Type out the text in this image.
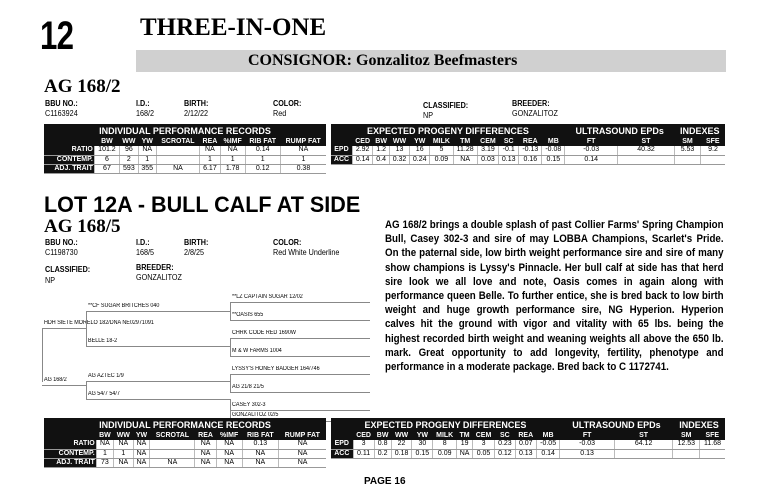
12	THREE-IN-ONE
CONSIGNOR: Gonzalitoz Beefmasters
AG 168/2
BBU NO.:
C1163924
I.D.:
168/2
BIRTH:
2/12/22
COLOR:
Red
CLASSIFIED:
NP
BREEDER:
GONZALITOZ
INDIVIDUAL PERFORMANCE RECORDS								
	BW	WW	YW	SCROTAL	REA	%IMF	RIB FAT	RUMP FAT
RATIO	101.2	96	NA		NA	NA	0.14	NA
CONTEMP.	6	2	1		1	1	1	1
ADJ. TRAIT	67	593	355	NA	6.17	1.78	0.12	0.38
EXPECTED PROGENY DIFFERENCES											ULTRASOUND EPDs		INDEXES	
	CED	BW	WW	YW	MILK	TM	CEM	SC	REA	MB	FT	ST	SM	SFE
EPD	2.92	1.2	13	16	5	11.28	3.19	-0.1	-0.13	-0.08	-0.03	40.32	5.53	9.2
ACC	0.14	0.4	0.32	0.24	0.09	NA	0.03	0.13	0.16	0.15	0.14			
LOT 12A - BULL CALF AT SIDE
AG 168/5
BBU NO.:
C1198730
I.D.:
168/5
BIRTH:
2/8/25
COLOR:
Red White Underline
CLASSIFIED:
NP
BREEDER:
GONZALITOZ
**LZ CAPTAIN SUGAR 12/02
**CF SUGAR BRITCHES 040
**OASIS 655
HDH SIETE MORELO 182/DNA NE02971091
CHRK CODE RED 1690W
BELLE 18-2
M & W FARMS 1004
LYSSY'S HONEY BADGER 164/746
AG AZTEC 1/9
AG 21/8 21/5
AG 168/2
CASEY 302-3
AG 54/7 54/7
GONZALITOZ 02/5
AG 168/2 brings a double splash of past Collier Farms' Spring Champion Bull, Casey 302-3 and sire of may LOBBA Champions, Scarlet's Pride. On the paternal side, low birth weight performance sire and sire of many show champions is Lyssy's Pinnacle. Her bull calf at side has that herd sire look we all love and note, Oasis comes in again along with performance queen Belle. To further entice, she is bred back to low birth weight and huge growth performance sire, NG Hyperion. Hyperion calves hit the ground with vigor and vitality with 65 lbs. being the highest recorded birth weight and weaning weights all above the 650 lb. mark. Great opportunity to add longevity, fertility, phenotype and performance in a moderate package. Bred back to C 1172741.
INDIVIDUAL PERFORMANCE RECORDS								
	BW	WW	YW	SCROTAL	REA	%IMF	RIB FAT	RUMP FAT
RATIO	NA	NA	NA		NA	NA	0.13	NA
CONTEMP.	1	1	NA		NA	NA	NA	NA
ADJ. TRAIT	73	NA	NA	NA	NA	NA	NA	NA
EXPECTED PROGENY DIFFERENCES											ULTRASOUND EPDs		INDEXES	
	CED	BW	WW	YW	MILK	TM	CEM	SC	REA	MB	FT	ST	SM	SFE
EPD	3	0.8	22	30	8	19	3	0.23	0.07	-0.05	-0.03	64.12	12.53	11.68
ACC	0.11	0.2	0.18	0.15	0.09	NA	0.05	0.12	0.13	0.14	0.13			
PAGE 16
